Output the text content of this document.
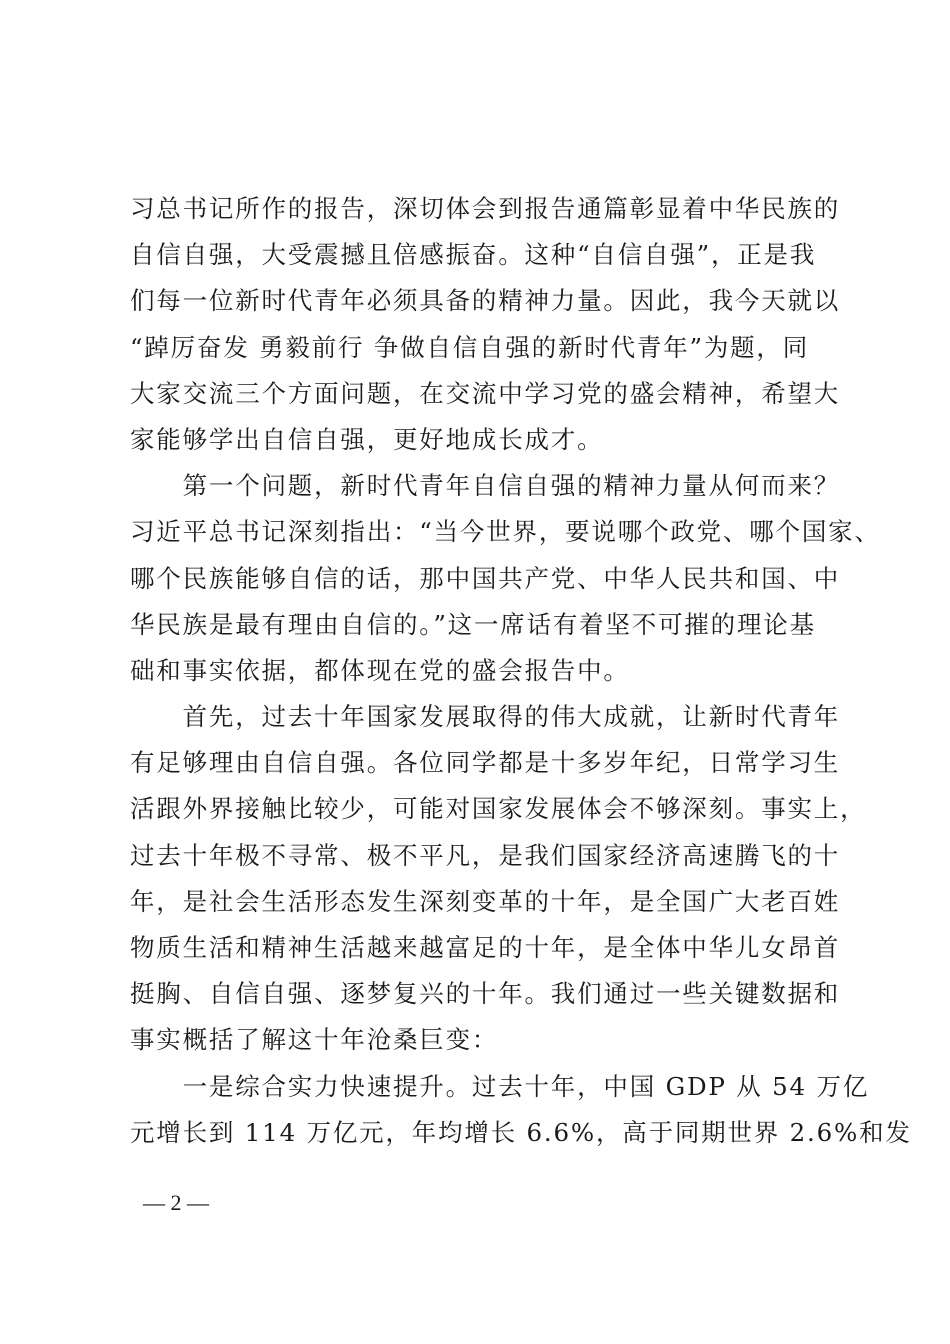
习总书记所作的报告，深切体会到报告通篇彰显着中华民族的
自信自强，大受震撼且倍感振奋。这种“自信自强”，正是我
们每一位新时代青年必须具备的精神力量。因此，我今天就以
“踔厉奋发 勇毅前行 争做自信自强的新时代青年”为题，同
大家交流三个方面问题，在交流中学习党的盛会精神，希望大
家能够学出自信自强，更好地成长成才。
　　第一个问题，新时代青年自信自强的精神力量从何而来？
习近平总书记深刻指出：“当今世界，要说哪个政党、哪个国家、
哪个民族能够自信的话，那中国共产党、中华人民共和国、中
华民族是最有理由自信的。”这一席话有着坚不可摧的理论基
础和事实依据，都体现在党的盛会报告中。
　　首先，过去十年国家发展取得的伟大成就，让新时代青年
有足够理由自信自强。各位同学都是十多岁年纪，日常学习生
活跟外界接触比较少，可能对国家发展体会不够深刻。事实上，
过去十年极不寻常、极不平凡，是我们国家经济高速腾飞的十
年，是社会生活形态发生深刻变革的十年，是全国广大老百姓
物质生活和精神生活越来越富足的十年，是全体中华儿女昂首
挺胸、自信自强、逐梦复兴的十年。我们通过一些关键数据和
事实概括了解这十年沧桑巨变：
　　一是综合实力快速提升。过去十年，中国 GDP 从 54 万亿
元增长到 114 万亿元，年均增长 6.6%，高于同期世界 2.6%和发
— 2 —
